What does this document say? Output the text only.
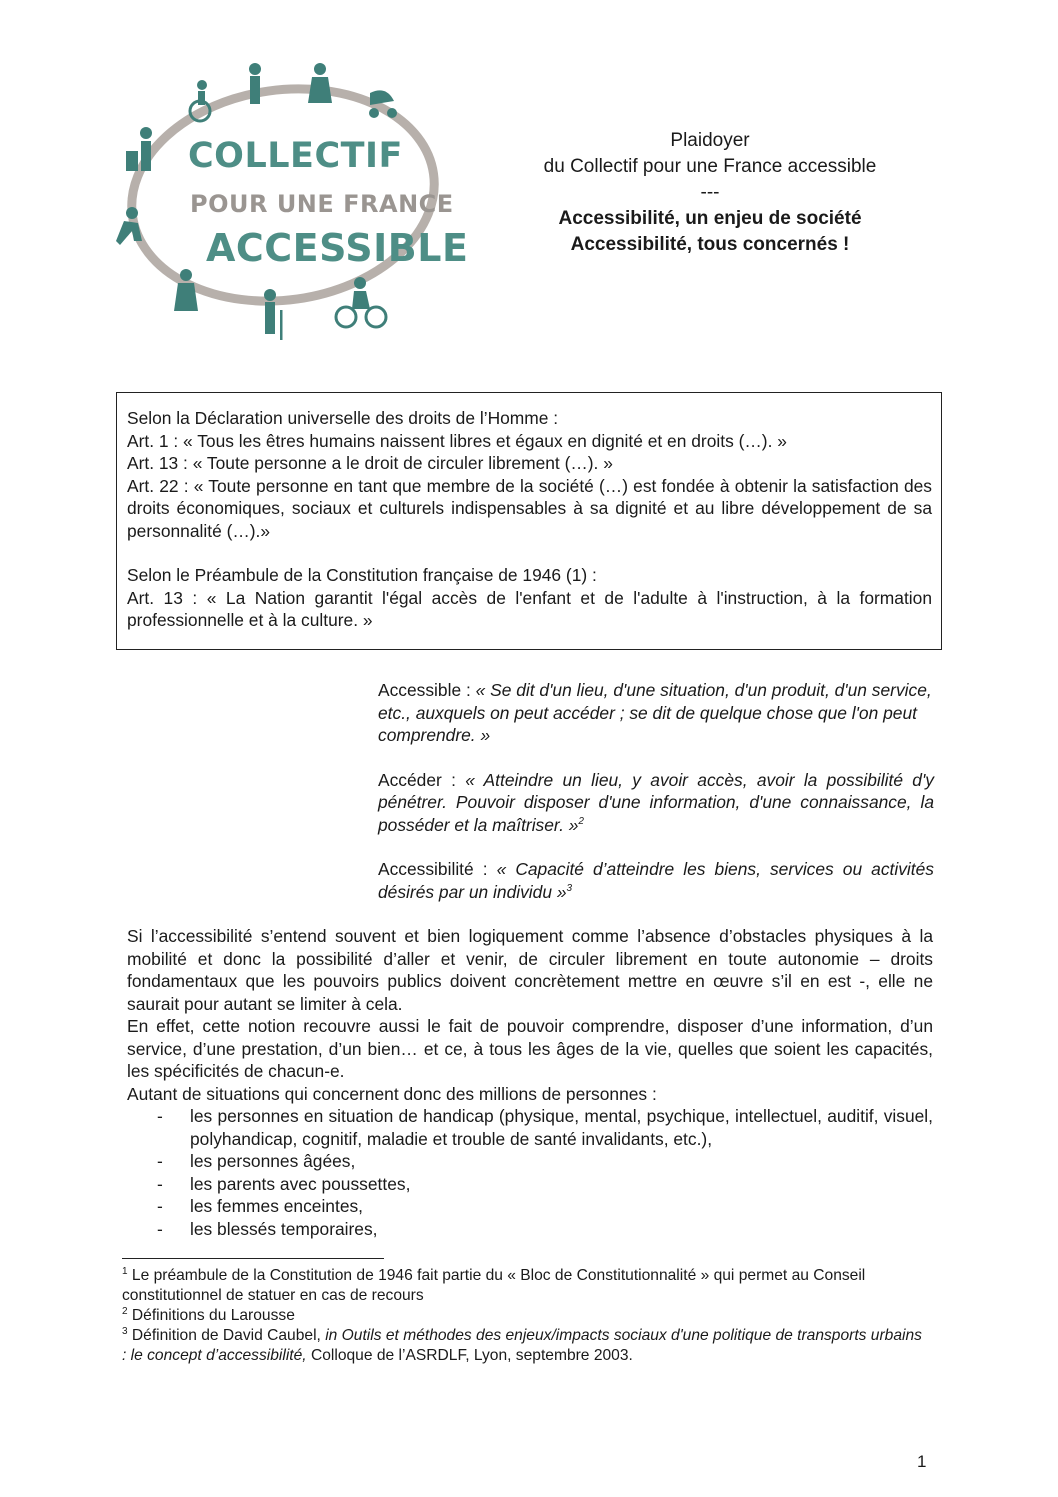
COLLECTIF
POUR UNE FRANCE
ACCESSIBLE
Plaidoyer
du Collectif pour une France accessible
---
Accessibilité, un enjeu de société
Accessibilité, tous concernés !
Selon la Déclaration universelle des droits de l’Homme :
Art. 1 : « Tous les êtres humains naissent libres et égaux en dignité et en droits (…). »
Art. 13 : « Toute personne a le droit de circuler librement (…). »
Art. 22 : « Toute personne en tant que membre de la société (…) est fondée à obtenir la satisfaction des droits économiques, sociaux et culturels indispensables à sa dignité et au libre développement de sa personnalité (…).»
Selon le Préambule de la Constitution française de 1946 (1) :
Art. 13 : « La Nation garantit l'égal accès de l'enfant et de l'adulte à l'instruction, à la formation professionnelle et à la culture. »
Accessible : « Se dit d'un lieu, d'une situation, d'un produit, d'un service, etc., auxquels on peut accéder ; se dit de quelque chose que l'on peut comprendre. »
Accéder : « Atteindre un lieu, y avoir accès, avoir la possibilité d'y pénétrer. Pouvoir disposer d'une information, d'une connaissance, la posséder et la maîtriser. »$^2$
Accessibilité : « Capacité d’atteindre les biens, services ou activités désirés par un individu »$^3$
Si l’accessibilité s’entend souvent et bien logiquement comme l’absence d’obstacles physiques à la mobilité et donc la possibilité d’aller et venir, de circuler librement en toute autonomie – droits fondamentaux que les pouvoirs publics doivent concrètement mettre en œuvre s’il en est -, elle ne saurait pour autant se limiter à cela.
En effet, cette notion recouvre aussi le fait de pouvoir comprendre, disposer d’une information, d’un service, d’une prestation, d’un bien… et ce, à tous les âges de la vie, quelles que soient les capacités, les spécificités de chacun-e.
Autant de situations qui concernent donc des millions de personnes :
- les personnes en situation de handicap (physique, mental, psychique, intellectuel, auditif, visuel, polyhandicap, cognitif, maladie et trouble de santé invalidants, etc.),
- les personnes âgées,
- les parents avec poussettes,
- les femmes enceintes,
- les blessés temporaires,
$^1$ Le préambule de la Constitution de 1946 fait partie du « Bloc de Constitutionnalité » qui permet au Conseil constitutionnel de statuer en cas de recours
$^2$ Définitions du Larousse
$^3$ Définition de David Caubel, in Outils et méthodes des enjeux/impacts sociaux d'une politique de transports urbains : le concept d’accessibilité, Colloque de l’ASRDLF, Lyon, septembre 2003.
1
